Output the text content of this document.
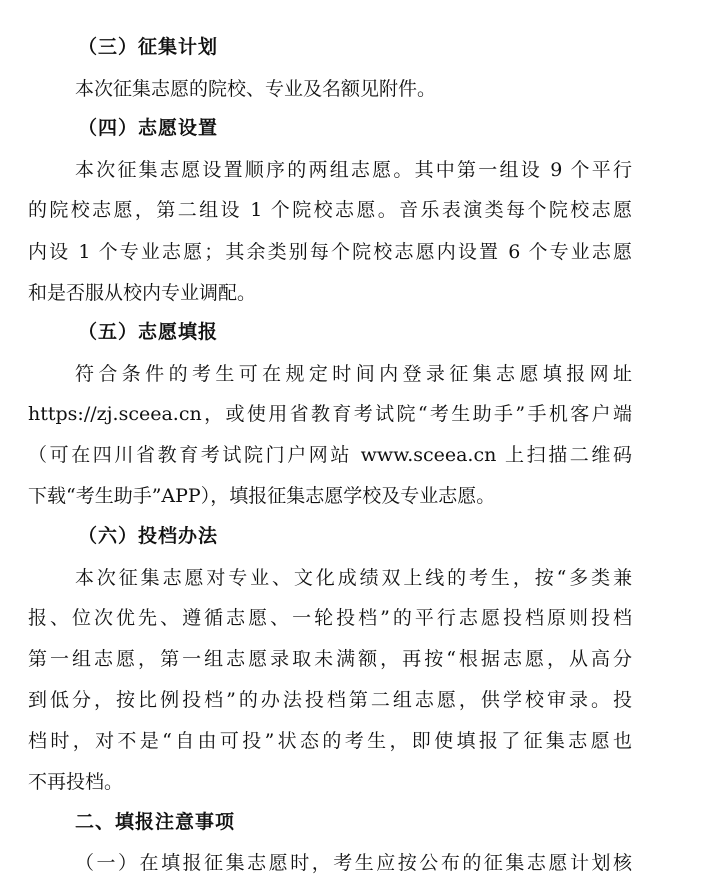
（三）征集计划
本次征集志愿的院校、专业及名额见附件。
（四）志愿设置
本次征集志愿设置顺序的两组志愿。其中第一组设 9 个平行
的院校志愿，第二组设 1 个院校志愿。音乐表演类每个院校志愿
内设 1 个专业志愿；其余类别每个院校志愿内设置 6 个专业志愿
和是否服从校内专业调配。
（五）志愿填报
符合条件的考生可在规定时间内登录征集志愿填报网址
https://zj.sceea.cn，或使用省教育考试院“考生助手”手机客户端
（可在四川省教育考试院门户网站 www.sceea.cn 上扫描二维码
下载“考生助手”APP），填报征集志愿学校及专业志愿。
（六）投档办法
本次征集志愿对专业、文化成绩双上线的考生，按“多类兼
报、位次优先、遵循志愿、一轮投档”的平行志愿投档原则投档
第一组志愿，第一组志愿录取未满额，再按“根据志愿，从高分
到低分，按比例投档”的办法投档第二组志愿，供学校审录。投
档时，对不是“自由可投”状态的考生，即使填报了征集志愿也
不再投档。
二、填报注意事项
（一）在填报征集志愿时，考生应按公布的征集志愿计划核
